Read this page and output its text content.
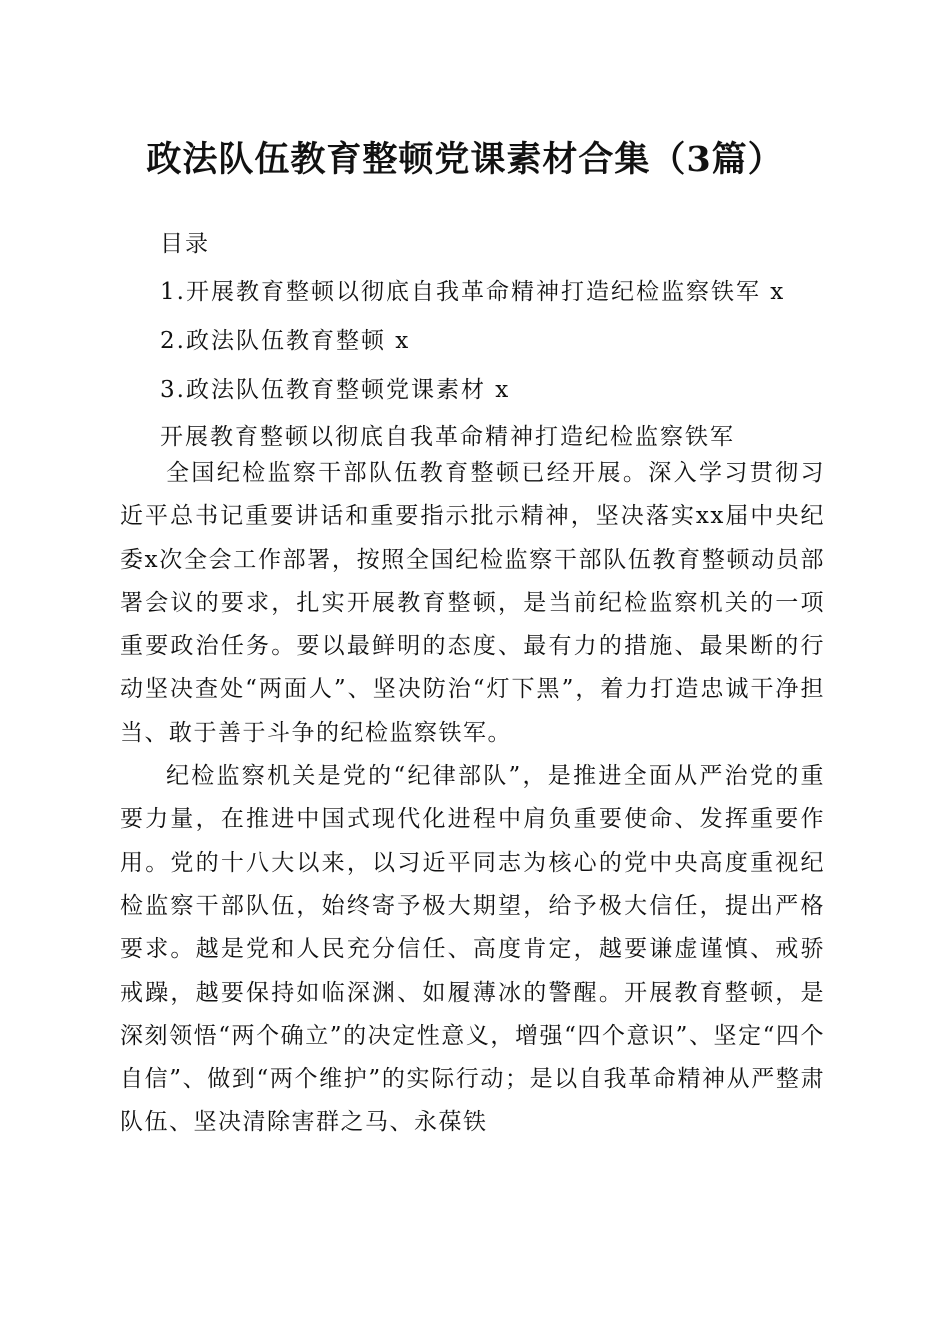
政法队伍教育整顿党课素材合集（3篇）
目录
1.开展教育整顿以彻底自我革命精神打造纪检监察铁军 x
2.政法队伍教育整顿 x
3.政法队伍教育整顿党课素材 x

开展教育整顿以彻底自我革命精神打造纪检监察铁军

全国纪检监察干部队伍教育整顿已经开展。深入学习贯彻习近平总书记重要讲话和重要指示批示精神，坚决落实xx届中央纪委x次全会工作部署，按照全国纪检监察干部队伍教育整顿动员部署会议的要求，扎实开展教育整顿，是当前纪检监察机关的一项重要政治任务。要以最鲜明的态度、最有力的措施、最果断的行动坚决查处“两面人”、坚决防治“灯下黑”，着力打造忠诚干净担当、敢于善于斗争的纪检监察铁军。

纪检监察机关是党的“纪律部队”，是推进全面从严治党的重要力量，在推进中国式现代化进程中肩负重要使命、发挥重要作用。党的十八大以来，以习近平同志为核心的党中央高度重视纪检监察干部队伍，始终寄予极大期望，给予极大信任，提出严格要求。越是党和人民充分信任、高度肯定，越要谦虚谨慎、戒骄戒躁，越要保持如临深渊、如履薄冰的警醒。开展教育整顿，是深刻领悟“两个确立”的决定性意义，增强“四个意识”、坚定“四个自信”、做到“两个维护”的实际行动；是以自我革命精神从严整肃队伍、坚决清除害群之马、永葆铁
